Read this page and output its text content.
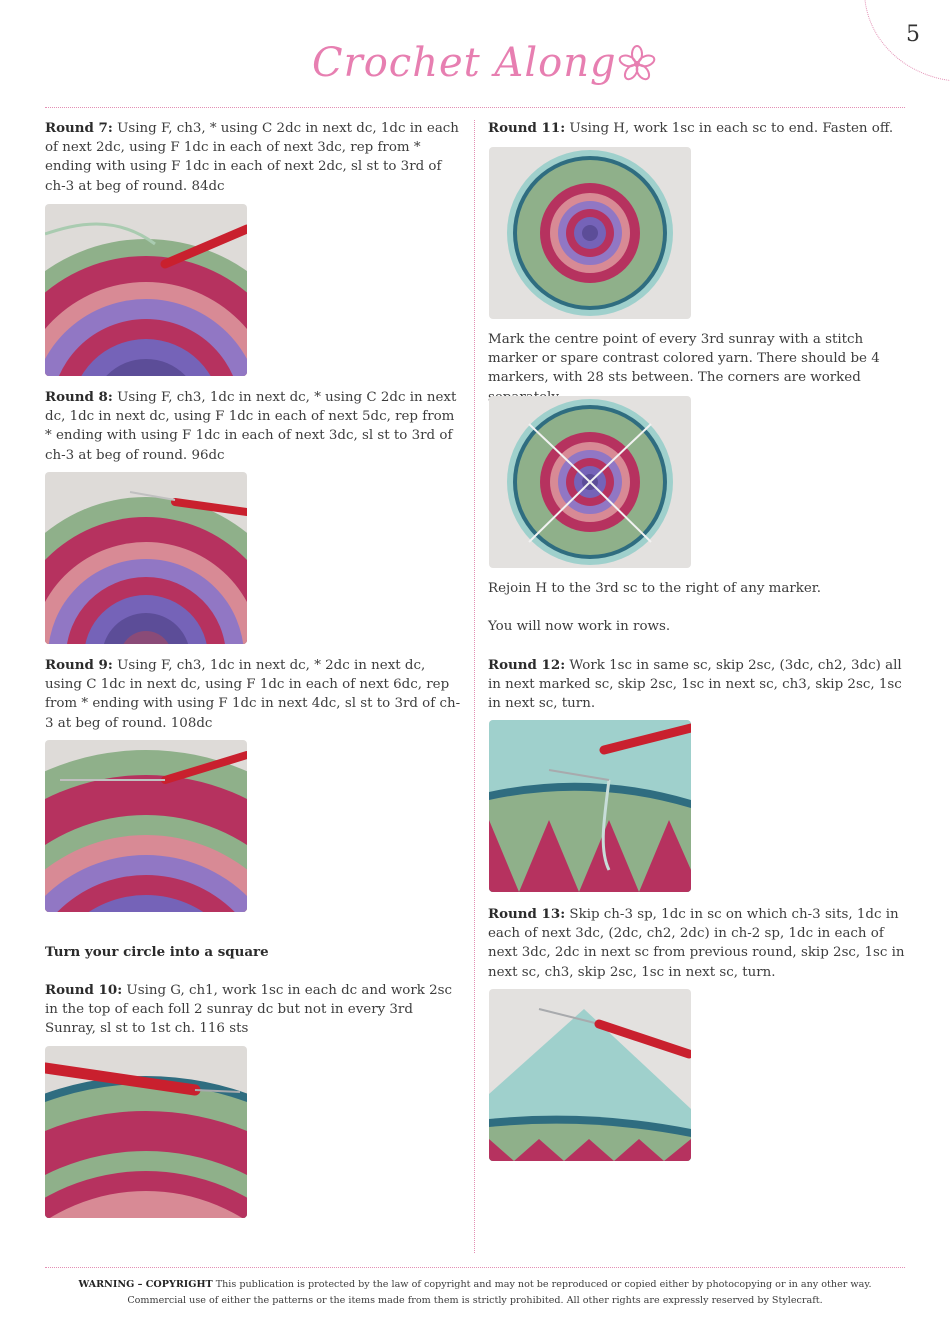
5
Crochet Along
Round 7: Using F, ch3, * using C 2dc in next dc, 1dc in each of next 2dc, using F 1dc in each of next 3dc, rep from * ending with using F 1dc in each of next 2dc, sl st to 3rd of ch-3 at beg of round. 84dc
Round 8: Using F, ch3, 1dc in next dc, * using C 2dc in next dc, 1dc in next dc, using F 1dc in each of next 5dc, rep from * ending with using F 1dc in each of next 3dc, sl st to 3rd of ch-3 at beg of round. 96dc
Round 9: Using F, ch3, 1dc in next dc, * 2dc in next dc, using C 1dc in next dc, using F 1dc in each of next 6dc, rep from * ending with using F 1dc in next 4dc, sl st to 3rd of ch-3 at beg of round. 108dc
Turn your circle into a square
Round 10: Using G, ch1, work 1sc in each dc and work 2sc in the top of each foll 2 sunray dc but not in every 3rd Sunray, sl st to 1st ch. 116 sts
Round 11: Using H, work 1sc in each sc to end. Fasten off.
Mark the centre point of every 3rd sunray with a stitch marker or spare contrast colored yarn. There should be 4 markers, with 28 sts between. The corners are worked
Rejoin H to the 3rd sc to the right of any marker.
You will now work in rows.
Round 12: Work 1sc in same sc, skip 2sc, (3dc, ch2, 3dc) all in next marked sc, skip 2sc, 1sc in next sc, ch3, skip 2sc, 1sc in next sc, turn.
Round 13: Skip ch-3 sp, 1dc in sc on which ch-3 sits, 1dc in each of next 3dc, (2dc, ch2, 2dc) in ch-2 sp, 1dc in each of next 3dc, 2dc in next sc from previous round, skip 2sc, 1sc in next sc, ch3, skip 2sc, 1sc in next sc, turn.
WARNING – COPYRIGHT This publication is protected by the law of copyright and may not be reproduced or copied either by photocopying or in any other way.
Commercial use of either the patterns or the items made from them is strictly prohibited. All other rights are expressly reserved by Stylecraft.
